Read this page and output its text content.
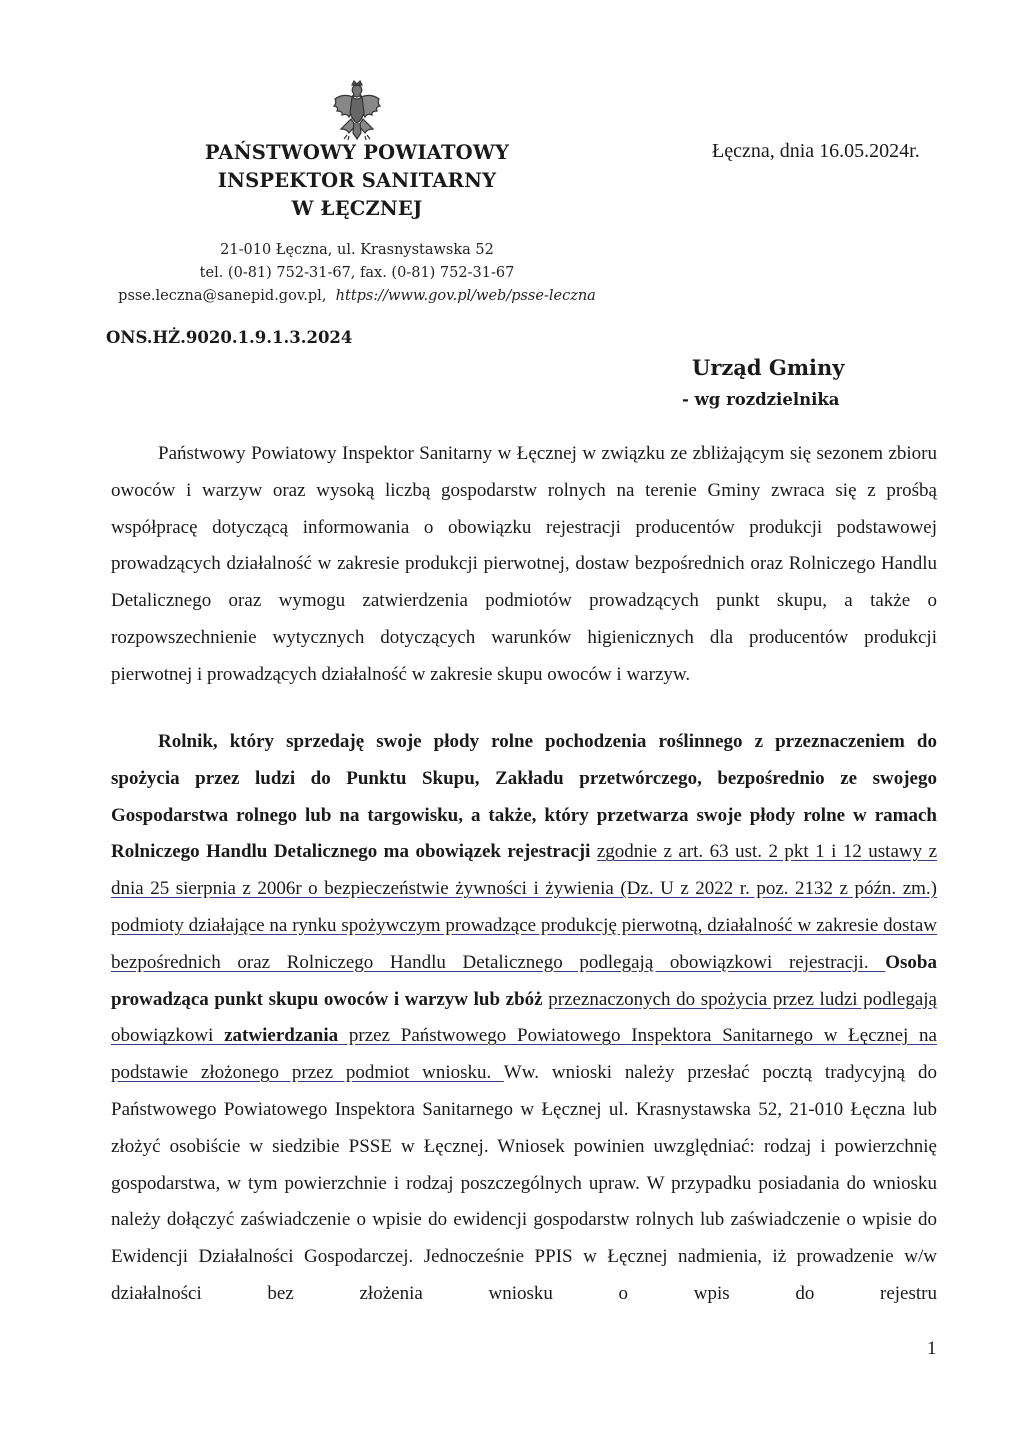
PAŃSTWOWY POWIATOWY
INSPEKTOR SANITARNY
W ŁĘCZNEJ
21-010 Łęczna, ul. Krasnystawska 52
tel. (0-81) 752-31-67, fax. (0-81) 752-31-67
psse.leczna@sanepid.gov.pl, https://www.gov.pl/web/psse-leczna
Łęczna, dnia 16.05.2024r.
ONS.HŻ.9020.1.9.1.3.2024
Urząd Gminy
- wg rozdzielnika

Państwowy Powiatowy Inspektor Sanitarny w Łęcznej w związku ze zbliżającym się sezonem zbioru owoców i warzyw oraz wysoką liczbą gospodarstw rolnych na terenie Gminy zwraca się z prośbą współpracę dotyczącą informowania o obowiązku rejestracji producentów produkcji podstawowej prowadzących działalność w zakresie produkcji pierwotnej, dostaw bezpośrednich oraz Rolniczego Handlu Detalicznego oraz wymogu zatwierdzenia podmiotów prowadzących punkt skupu, a także o rozpowszechnienie wytycznych dotyczących warunków higienicznych dla producentów produkcji pierwotnej i prowadzących działalność w zakresie skupu owoców i warzyw.

Rolnik, który sprzedaję swoje płody rolne pochodzenia roślinnego z przeznaczeniem do spożycia przez ludzi do Punktu Skupu, Zakładu przetwórczego, bezpośrednio ze swojego Gospodarstwa rolnego lub na targowisku, a także, który przetwarza swoje płody rolne w ramach Rolniczego Handlu Detalicznego ma obowiązek rejestracji zgodnie z art. 63 ust. 2 pkt 1 i 12 ustawy z dnia 25 sierpnia z 2006r o bezpieczeństwie żywności i żywienia (Dz. U z 2022 r. poz. 2132 z późn. zm.) podmioty działające na rynku spożywczym prowadzące produkcję pierwotną, działalność w zakresie dostaw bezpośrednich oraz Rolniczego Handlu Detalicznego podlegają obowiązkowi rejestracji. Osoba prowadząca punkt skupu owoców i warzyw lub zbóż przeznaczonych do spożycia przez ludzi podlegają obowiązkowi zatwierdzania przez Państwowego Powiatowego Inspektora Sanitarnego w Łęcznej na podstawie złożonego przez podmiot wniosku. Ww. wnioski należy przesłać pocztą tradycyjną do Państwowego Powiatowego Inspektora Sanitarnego w Łęcznej ul. Krasnystawska 52, 21-010 Łęczna lub złożyć osobiście w siedzibie PSSE w Łęcznej. Wniosek powinien uwzględniać: rodzaj i powierzchnię gospodarstwa, w tym powierzchnie i rodzaj poszczególnych upraw. W przypadku posiadania do wniosku należy dołączyć zaświadczenie o wpisie do ewidencji gospodarstw rolnych lub zaświadczenie o wpisie do Ewidencji Działalności Gospodarczej. Jednocześnie PPIS w Łęcznej nadmienia, iż prowadzenie w/w działalności bez złożenia wniosku o wpis do rejestru

1
